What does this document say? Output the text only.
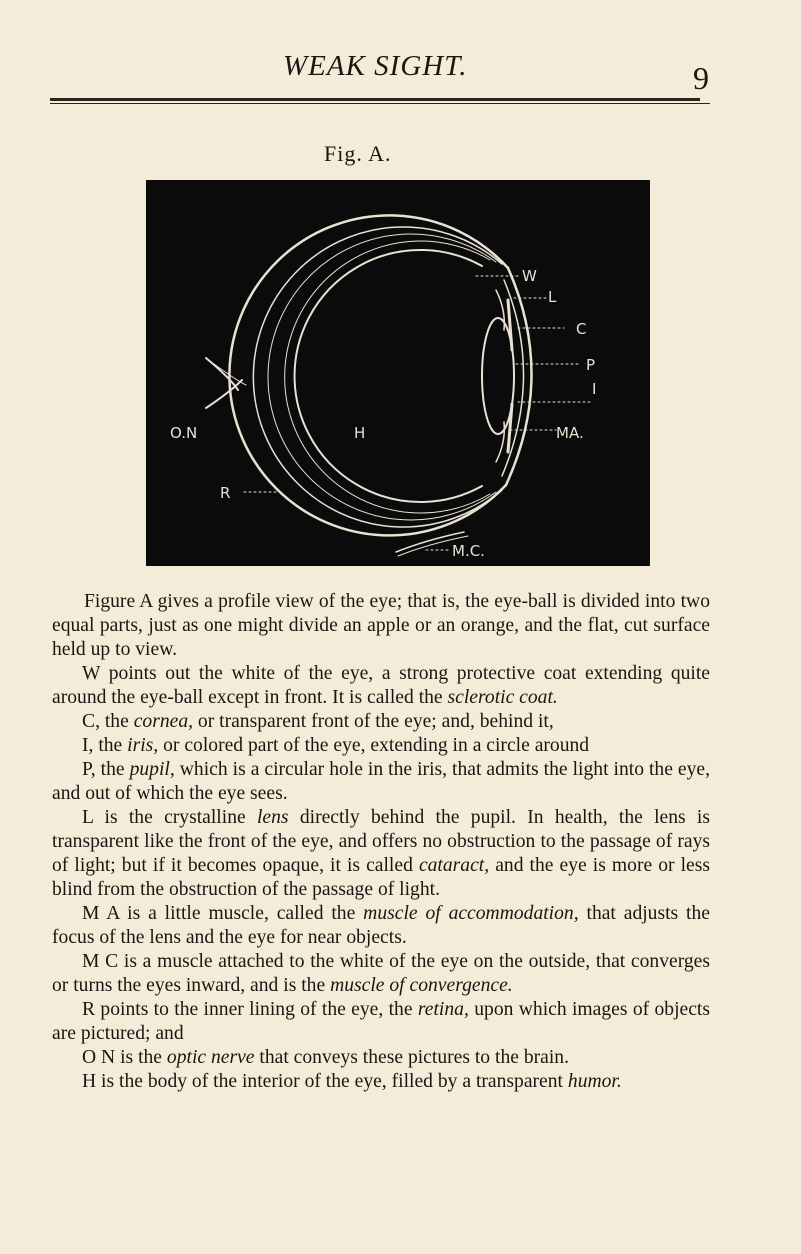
WEAK SIGHT.	9
Fig. A.
W
L
C
P
I
MA.
O.N	H
R
M.C.

Figure A gives a profile view of the eye; that is, the eye-ball is divided into two equal parts, just as one might divide an apple or an orange, and the flat, cut surface held up to view.

W points out the white of the eye, a strong protective coat extending quite around the eye-ball except in front. It is called the sclerotic coat.

C, the cornea, or transparent front of the eye; and, behind it,

I, the iris, or colored part of the eye, extending in a circle around

P, the pupil, which is a circular hole in the iris, that admits the light into the eye, and out of which the eye sees.

L is the crystalline lens directly behind the pupil. In health, the lens is transparent like the front of the eye, and offers no obstruction to the passage of rays of light; but if it becomes opaque, it is called cataract, and the eye is more or less blind from the obstruction of the passage of light.

M A is a little muscle, called the muscle of accommodation, that adjusts the focus of the lens and the eye for near objects.

M C is a muscle attached to the white of the eye on the outside, that converges or turns the eyes inward, and is the muscle of convergence.

R points to the inner lining of the eye, the retina, upon which images of objects are pictured; and

O N is the optic nerve that conveys these pictures to the brain.

H is the body of the interior of the eye, filled by a transparent humor.
